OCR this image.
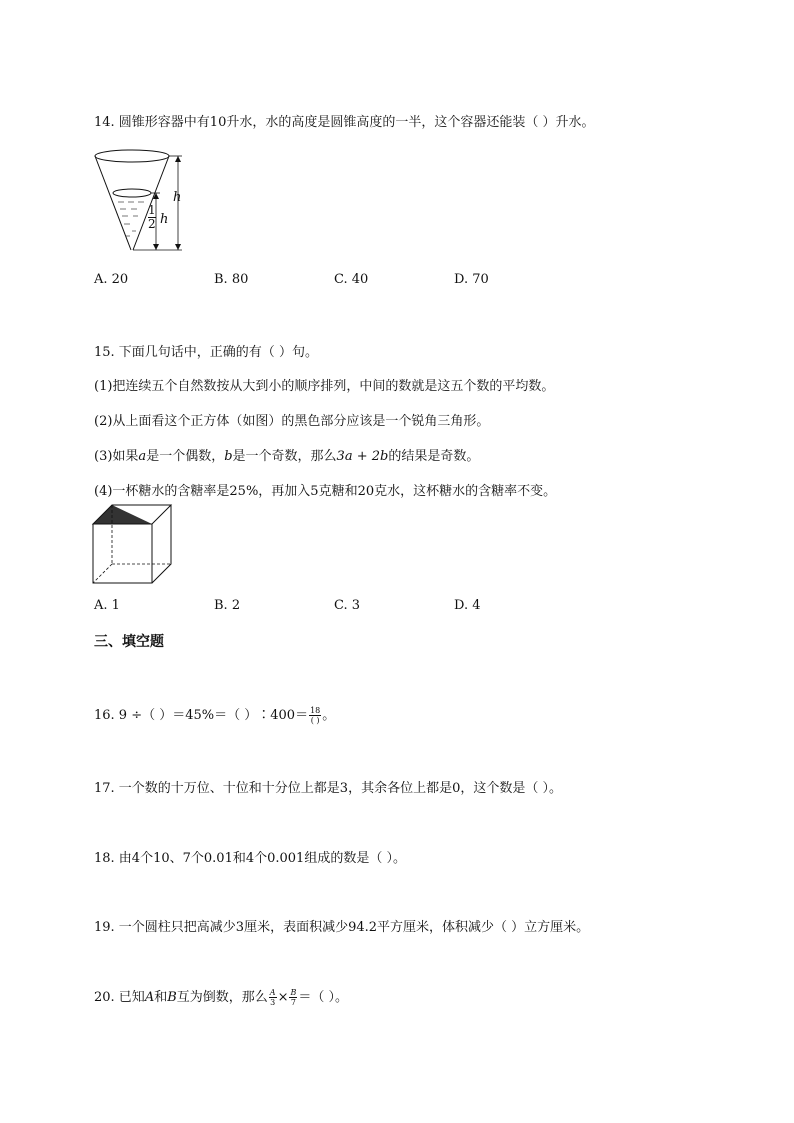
14. 圆锥形容器中有10升水，水的高度是圆锥高度的一半，这个容器还能装（ ）升水。
h
$\frac{1}{2}$ h
A. 20	B. 80	C. 40	D. 70
15. 下面几句话中，正确的有（ ）句。
(1)把连续五个自然数按从大到小的顺序排列，中间的数就是这五个数的平均数。
(2)从上面看这个正方体（如图）的黑色部分应该是一个锐角三角形。
(3)如果a是一个偶数，b是一个奇数，那么3a + 2b的结果是奇数。
(4)一杯糖水的含糖率是25%，再加入5克糖和20克水，这杯糖水的含糖率不变。
A. 1	B. 2	C. 3	D. 4
三、填空题
16. 9 ÷（ ）＝45%＝（ ）∶400＝ $\frac{18}{( )}$ 。
17. 一个数的十万位、十位和十分位上都是3，其余各位上都是0，这个数是（ ）。
18. 由4个10、7个0.01和4个0.001组成的数是（ ）。
19. 一个圆柱只把高减少3厘米，表面积减少94.2平方厘米，体积减少（ ）立方厘米。
20. 已知A和B互为倒数，那么 $\frac{A}{3} \times \frac{B}{7}$ ＝（ ）。
